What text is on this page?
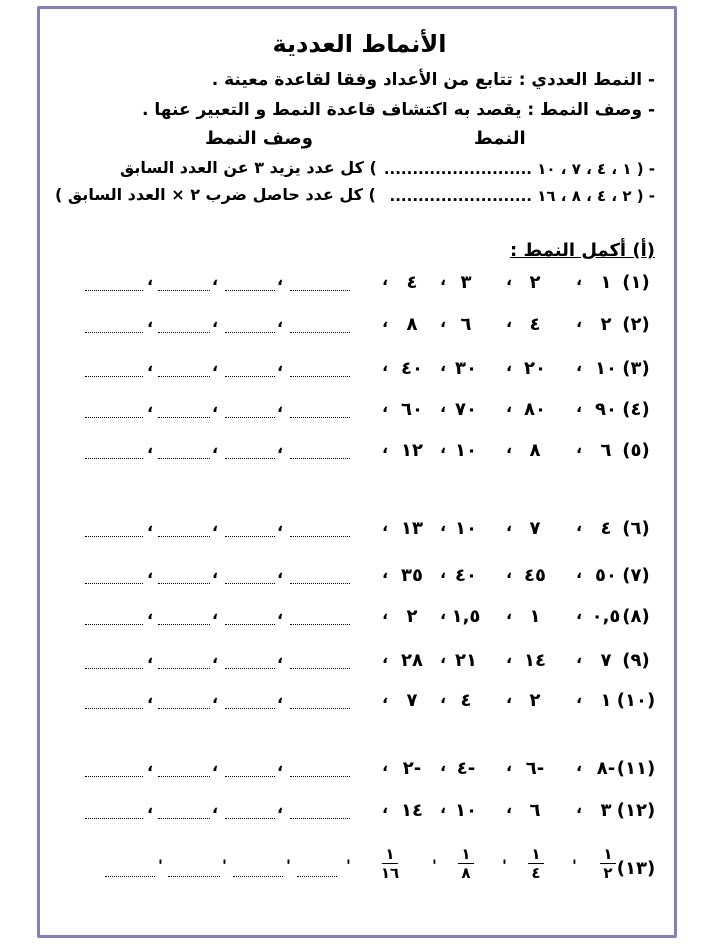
الأنماط العددية
- النمط العددي : تتابع من الأعداد وفقا لقاعدة معينة .
- وصف النمط : يقصد به اكتشاف قاعدة النمط و التعبير عنها .
النمط
وصف النمط
- ( ١ ، ٤ ، ٧ ، ١٠ ..........................
) كل عدد يزيد ٣ عن العدد السابق
- ( ٢ ، ٤ ، ٨ ، ١٦ .........................
) كل عدد حاصل ضرب ٢ × العدد السابق )
(أ) أكمل النمط :
(١)
١
،
٢
،
٣
،
٤
،
،
،
،
(٢)
٢
،
٤
،
٦
،
٨
،
،
،
،
(٣)
١٠
،
٢٠
،
٣٠
،
٤٠
،
،
،
،
(٤)
٩٠
،
٨٠
،
٧٠
،
٦٠
،
،
،
،
(٥)
٦
،
٨
،
١٠
،
١٢
،
،
،
،
(٦)
٤
،
٧
،
١٠
،
١٣
،
،
،
،
(٧)
٥٠
،
٤٥
،
٤٠
،
٣٥
،
،
،
،
(٨)
٠,٥
،
١
،
١,٥
،
٢
،
،
،
،
(٩)
٧
،
١٤
،
٢١
،
٢٨
،
،
،
،
(١٠)
١
،
٢
،
٤
،
٧
،
،
،
،
(١١)
٨-
،
٦-
،
٤-
،
٢-
،
،
،
،
(١٢)
٣
،
٦
،
١٠
،
١٤
،
،
،
،
(١٣)
١
٢
'
١
٤
'
١
٨
'
١
١٦
'
'
'
'
